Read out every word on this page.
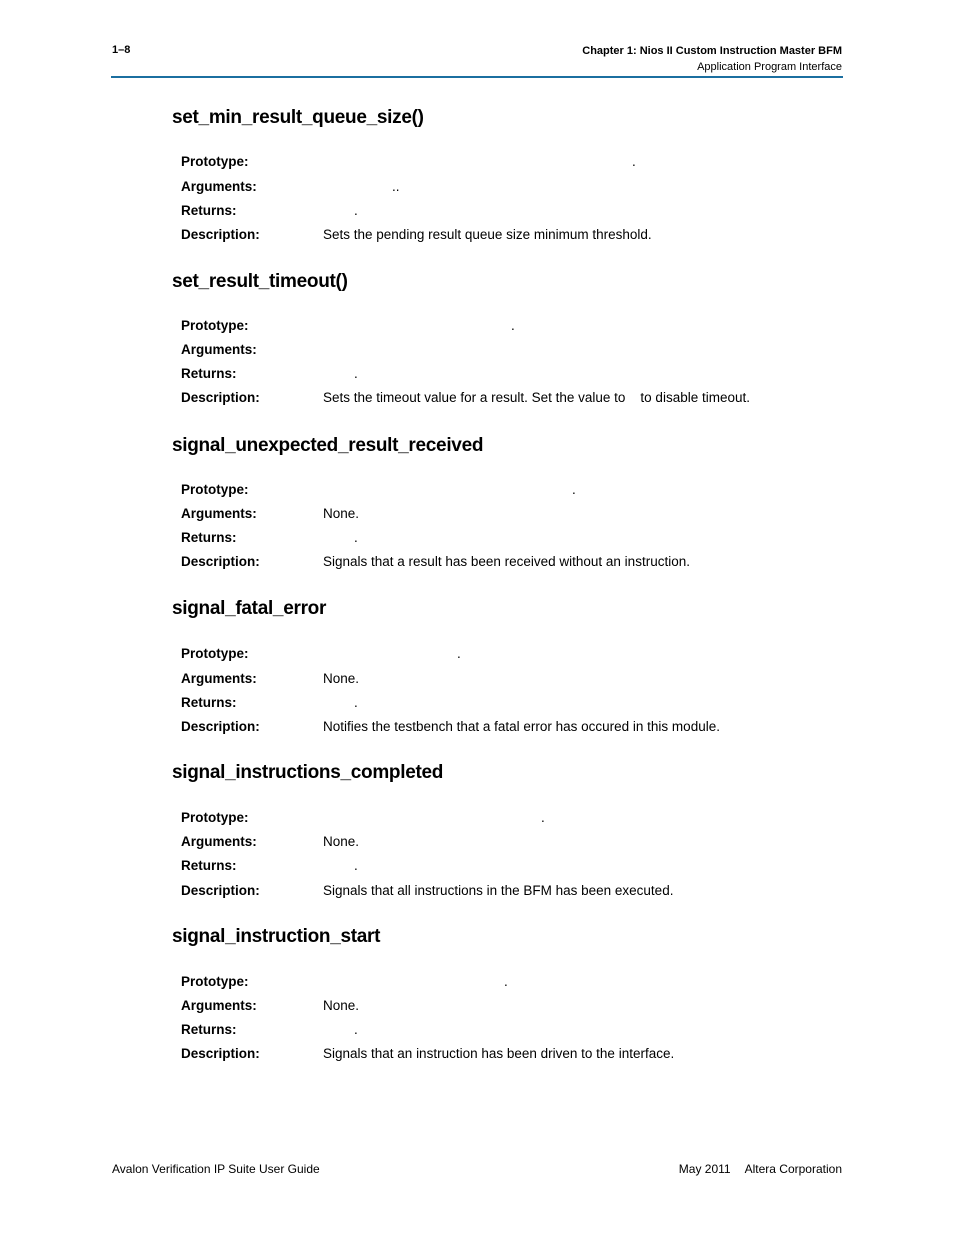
1–8	Chapter 1: Nios II Custom Instruction Master BFM
Application Program Interface
set_min_result_queue_size()
Prototype:	.
Arguments:	..
Returns:	.
Description:	Sets the pending result queue size minimum threshold.
set_result_timeout()
Prototype:	.
Arguments:
Returns:	.
Description:	Sets the timeout value for a result. Set the value to    to disable timeout.
signal_unexpected_result_received
Prototype:	.
Arguments:	None.
Returns:	.
Description:	Signals that a result has been received without an instruction.
signal_fatal_error
Prototype:	.
Arguments:	None.
Returns:	.
Description:	Notifies the testbench that a fatal error has occured in this module.
signal_instructions_completed
Prototype:	.
Arguments:	None.
Returns:	.
Description:	Signals that all instructions in the BFM has been executed.
signal_instruction_start
Prototype:	.
Arguments:	None.
Returns:	.
Description:	Signals that an instruction has been driven to the interface.
Avalon Verification IP Suite User Guide	May 2011 Altera Corporation
